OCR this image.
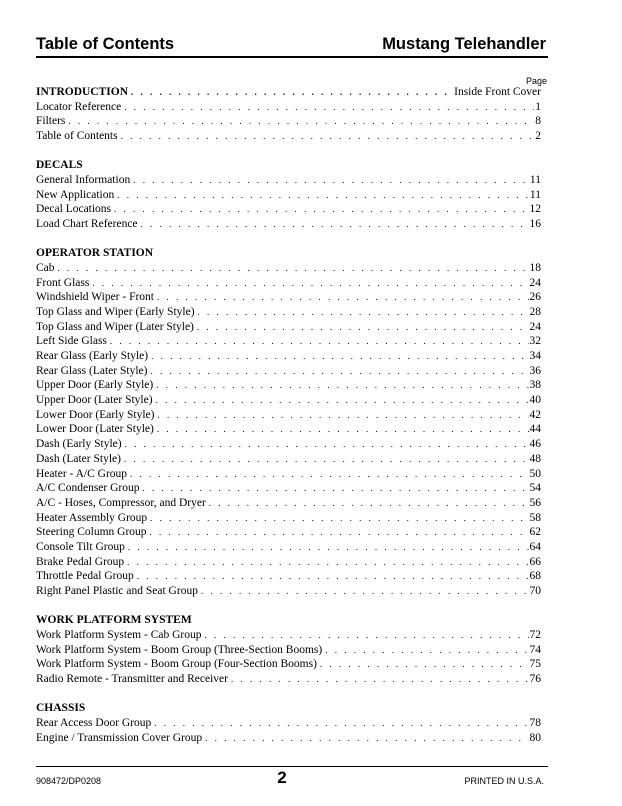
Table of Contents	Mustang Telehandler
Page
INTRODUCTION . . .	Inside Front Cover
Locator Reference . . .	1
Filters . . .	8
Table of Contents . . .	2
DECALS
General Information . . .	11
New Application . . .	11
Decal Locations . . .	12
Load Chart Reference . . .	16
OPERATOR STATION
Cab . . .	18
Front Glass . . .	24
Windshield Wiper - Front . . .	26
Top Glass and Wiper (Early Style) . . .	28
Top Glass and Wiper (Later Style) . . .	24
Left Side Glass . . .	32
Rear Glass (Early Style) . . .	34
Rear Glass (Later Style) . . .	36
Upper Door (Early Style) . . .	38
Upper Door (Later Style) . . .	40
Lower Door (Early Style) . . .	42
Lower Door (Later Style) . . .	44
Dash (Early Style) . . .	46
Dash (Later Style) . . .	48
Heater - A/C Group . . .	50
A/C Condenser Group . . .	54
A/C - Hoses, Compressor, and Dryer . . .	56
Heater Assembly Group . . .	58
Steering Column Group . . .	62
Console Tilt Group . . .	64
Brake Pedal Group . . .	66
Throttle Pedal Group . . .	68
Right Panel Plastic and Seat Group . . .	70
WORK PLATFORM SYSTEM
Work Platform System - Cab Group . . .	72
Work Platform System - Boom Group (Three-Section Booms) . . .	74
Work Platform System - Boom Group (Four-Section Booms) . . .	75
Radio Remote - Transmitter and Receiver . . .	76
CHASSIS
Rear Access Door Group . . .	78
Engine / Transmission Cover Group . . .	80
908472/DP0208	2	PRINTED IN U.S.A.
